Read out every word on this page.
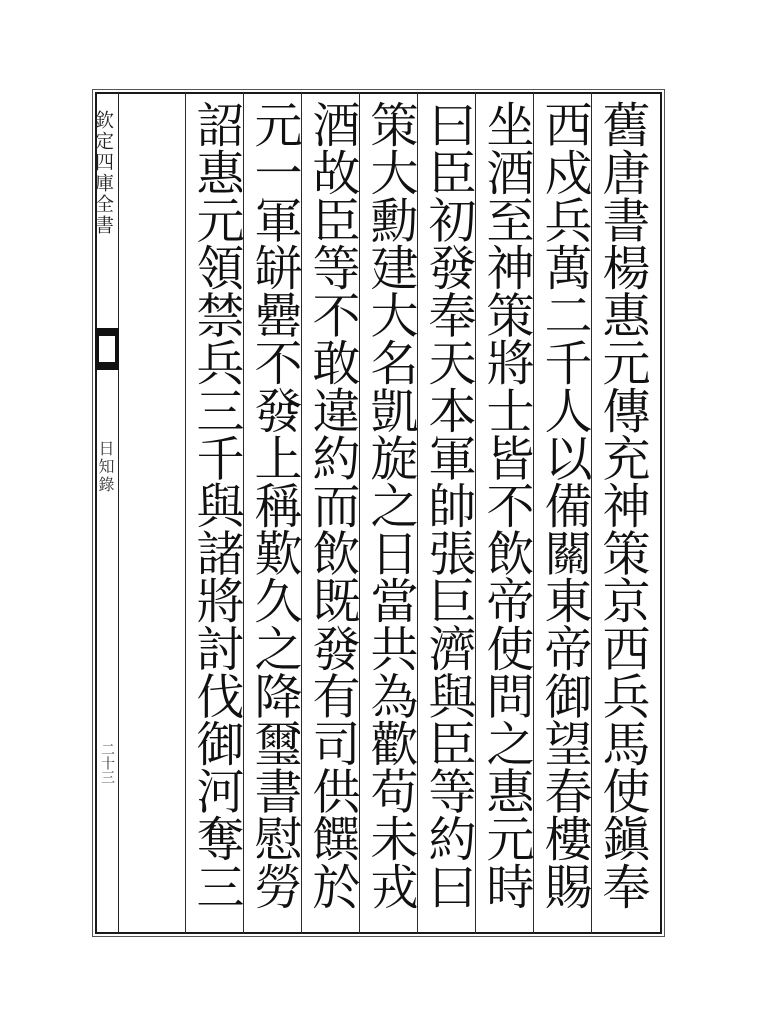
欽定四庫全書
日知錄
二十三
舊唐書楊惠元傳充神策京西兵馬使鎭奉
西戍兵萬二千人以備關東帝御望春樓賜
坐酒至神策將士皆不飲帝使問之惠元時
曰臣初發奉天本軍帥張巨濟與臣等約曰
策大勳建大名凱旋之日當共為歡苟未戎
酒故臣等不敢違約而飲既發有司供饌於
元一軍缾罍不發上稱歎久之降璽書慰勞
詔惠元領禁兵三千與諸將討伐御河奪三
